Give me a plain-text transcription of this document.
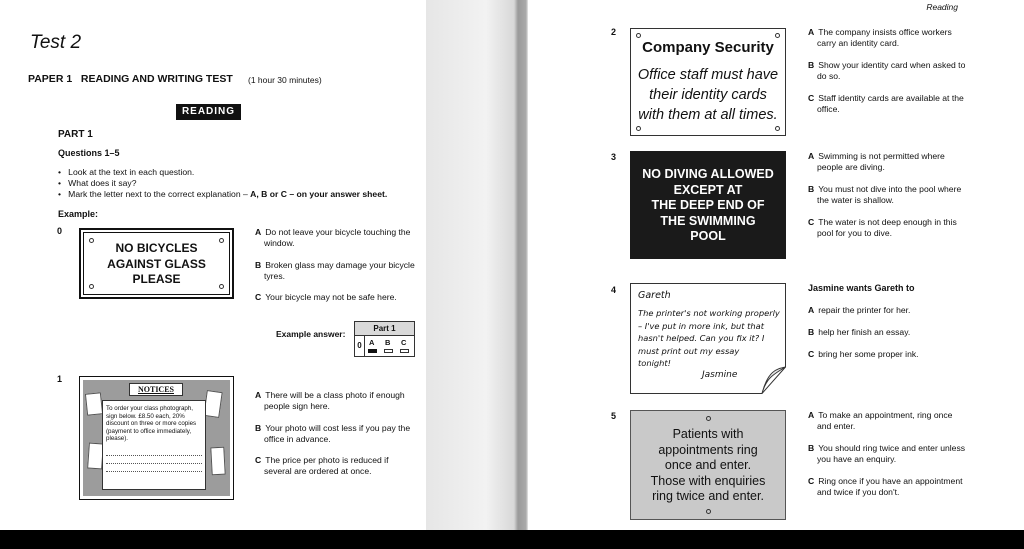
Test 2
PAPER 1   READING AND WRITING TEST (1 hour 30 minutes)
READING
PART 1
Questions 1–5
•   Look at the text in each question.
•   What does it say?
•   Mark the letter next to the correct explanation – A, B or C – on your answer sheet.
Example:
0
NO BICYCLES
AGAINST GLASS
PLEASE
A Do not leave your bicycle touching the window.
B Broken glass may damage your bicycle tyres.
C Your bicycle may not be safe here.
Example answer:
Part 1
0 A B C
1
NOTICES
To order your class photograph, sign below. £8.50 each, 20% discount on three or more copies (payment to office immediately, please).
A There will be a class photo if enough people sign here.
B Your photo will cost less if you pay the office in advance.
C The price per photo is reduced if several are ordered at once.
Reading
2
Company Security
Office staff must have
their identity cards
with them at all times.
A The company insists office workers carry an identity card.
B Show your identity card when asked to do so.
C Staff identity cards are available at the office.
3
NO DIVING ALLOWED
EXCEPT AT
THE DEEP END OF
THE SWIMMING
POOL
A Swimming is not permitted where people are diving.
B You must not dive into the pool where the water is shallow.
C The water is not deep enough in this pool for you to dive.
4 Gareth
The printer's not working properly
– I've put in more ink, but that
hasn't helped. Can you fix it? I
must print out my essay
tonight!
Jasmine
Jasmine wants Gareth to
A repair the printer for her.
B help her finish an essay.
C bring her some proper ink.
5
Patients with
appointments ring
once and enter.
Those with enquiries
ring twice and enter.
A To make an appointment, ring once and enter.
B You should ring twice and enter unless you have an enquiry.
C Ring once if you have an appointment and twice if you don't.
